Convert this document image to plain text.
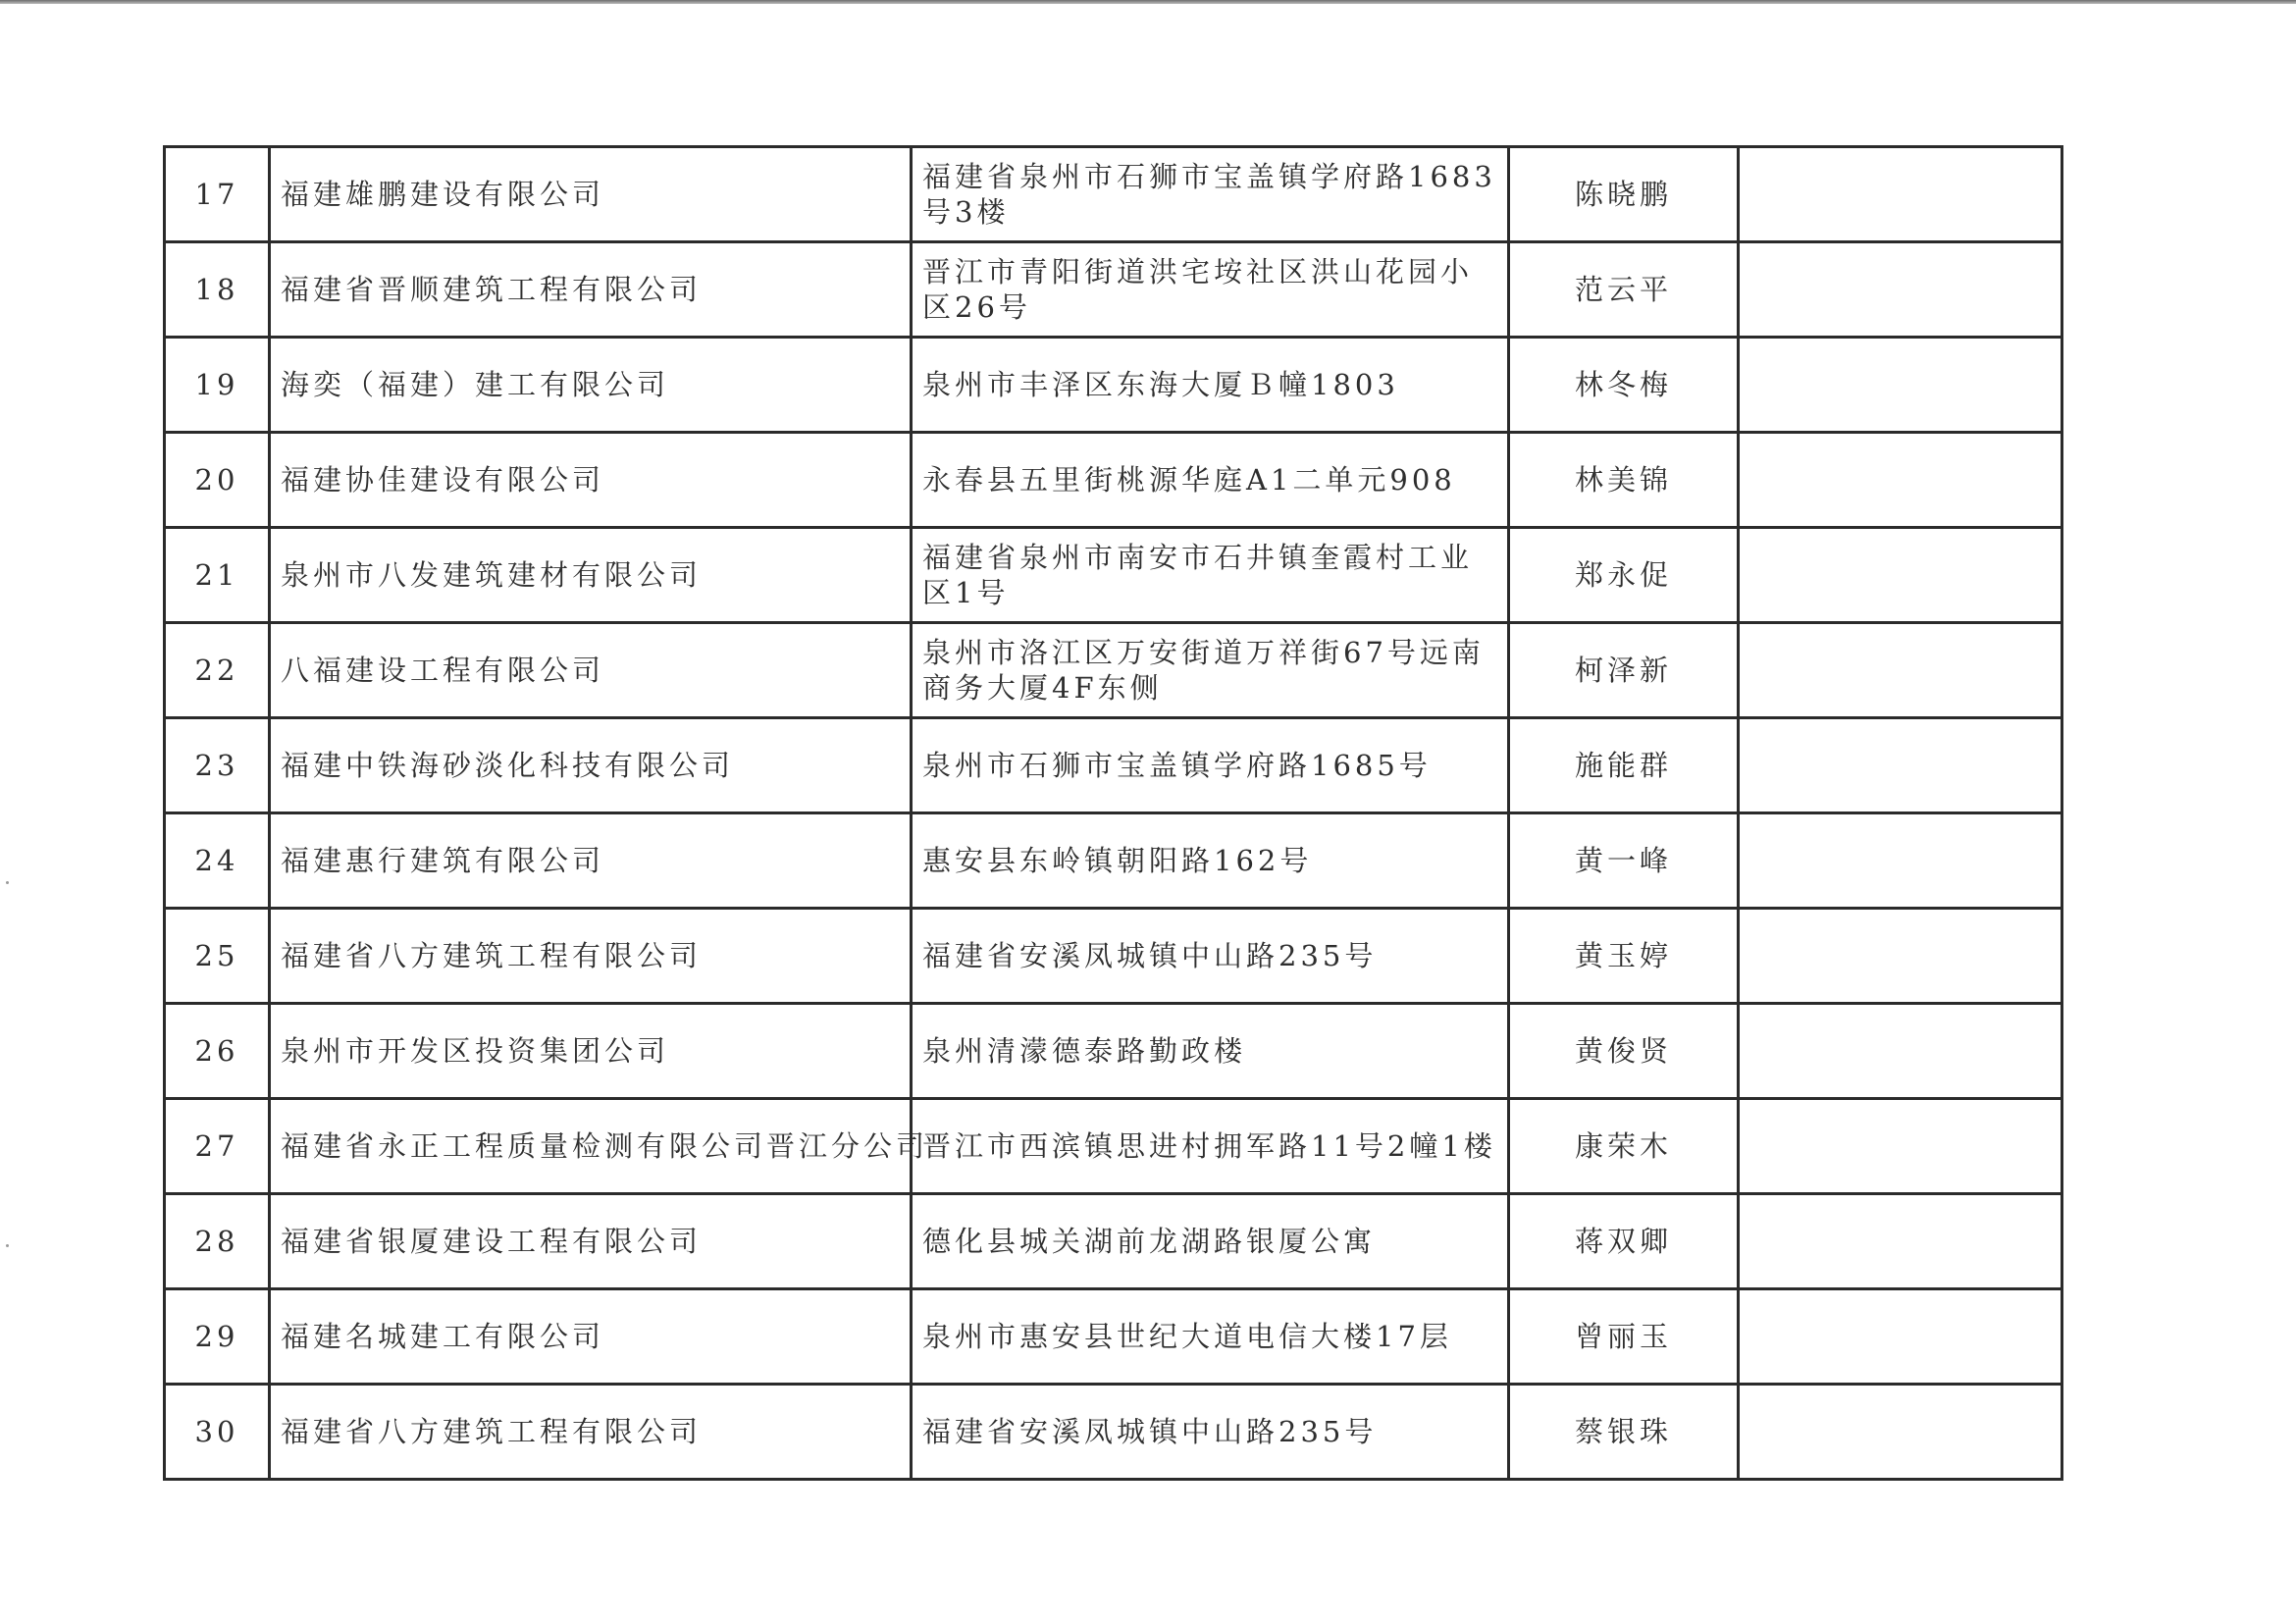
17	福建雄鹏建设有限公司	福建省泉州市石狮市宝盖镇学府路1683号3楼	陈晓鹏	
18	福建省晋顺建筑工程有限公司	晋江市青阳街道洪宅垵社区洪山花园小区26号	范云平	
19	海奕（福建）建工有限公司	泉州市丰泽区东海大厦Ｂ幢1803	林冬梅	
20	福建协佳建设有限公司	永春县五里街桃源华庭A1二单元908	林美锦	
21	泉州市八发建筑建材有限公司	福建省泉州市南安市石井镇奎霞村工业区1号	郑永促	
22	八福建设工程有限公司	泉州市洛江区万安街道万祥街67号远南商务大厦4F东侧	柯泽新	
23	福建中铁海砂淡化科技有限公司	泉州市石狮市宝盖镇学府路1685号	施能群	
24	福建惠行建筑有限公司	惠安县东岭镇朝阳路162号	黄一峰	
25	福建省八方建筑工程有限公司	福建省安溪凤城镇中山路235号	黄玉婷	
26	泉州市开发区投资集团公司	泉州清濛德泰路勤政楼	黄俊贤	
27	福建省永正工程质量检测有限公司晋江分公司	晋江市西滨镇思进村拥军路11号2幢1楼	康荣木	
28	福建省银厦建设工程有限公司	德化县城关湖前龙湖路银厦公寓	蒋双卿	
29	福建名城建工有限公司	泉州市惠安县世纪大道电信大楼17层	曾丽玉	
30	福建省八方建筑工程有限公司	福建省安溪凤城镇中山路235号	蔡银珠	
